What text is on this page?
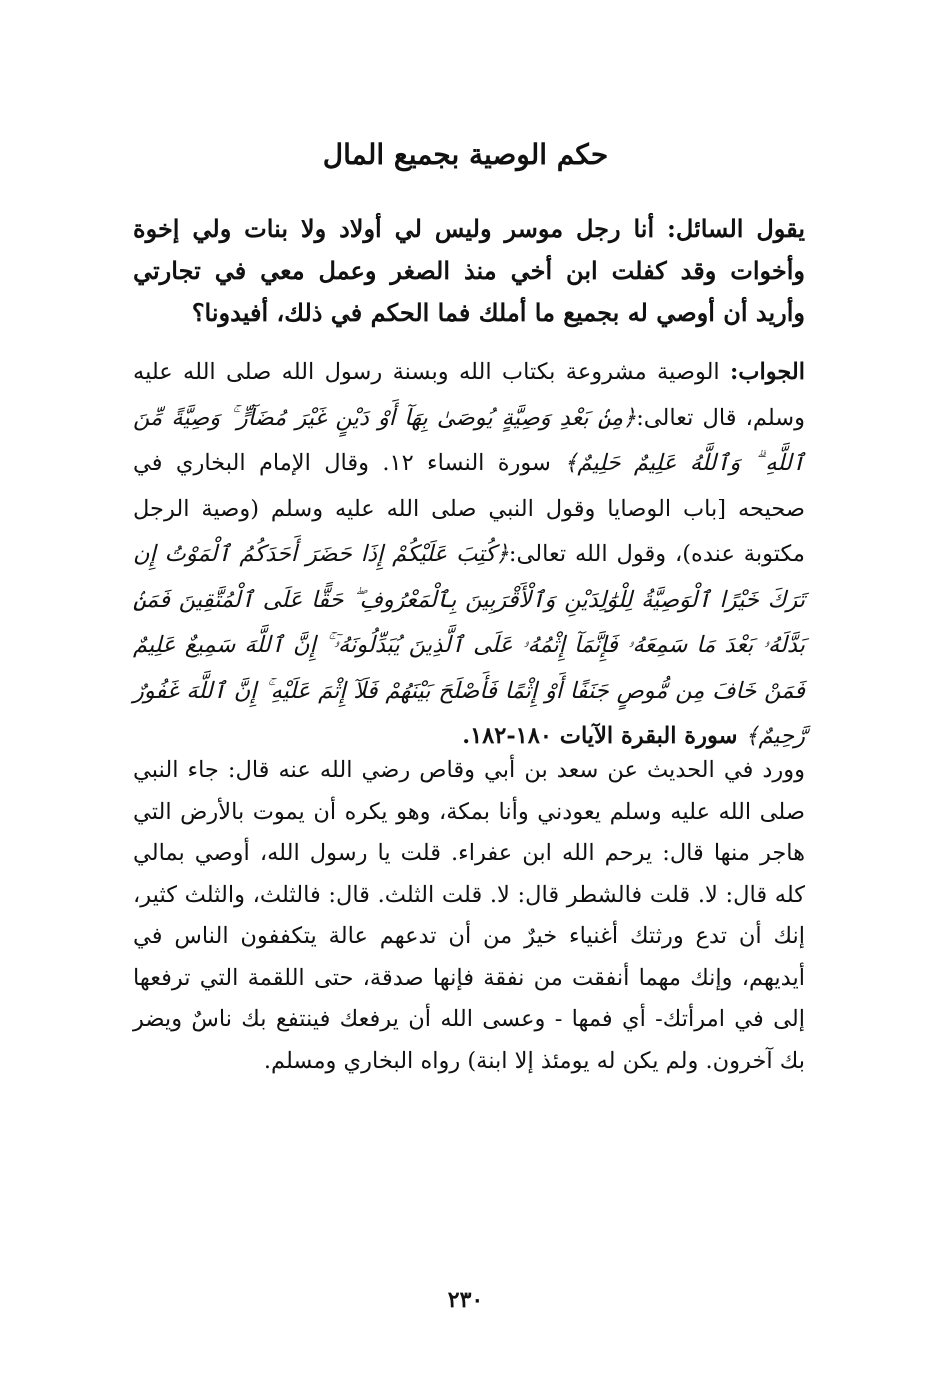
حكم الوصية بجميع المال

يقول السائل: أنا رجل موسر وليس لي أولاد ولا بنات ولي إخوة وأخوات وقد كفلت ابن أخي منذ الصغر وعمل معي في تجارتي وأريد أن أوصي له بجميع ما أملك فما الحكم في ذلك، أفيدونا؟

الجواب: الوصية مشروعة بكتاب الله وبسنة رسول الله صلى الله عليه وسلم، قال تعالى:﴿مِنۢ بَعْدِ وَصِيَّةٍ يُوصَىٰ بِهَآ أَوْ دَيْنٍ غَيْرَ مُضَآرٍّ ۚ وَصِيَّةً مِّنَ ٱللَّهِ ۗ وَٱللَّهُ عَلِيمٌ حَلِيمٌ﴾ سورة النساء ١٢. وقال الإمام البخاري في صحيحه [باب الوصايا وقول النبي صلى الله عليه وسلم (وصية الرجل مكتوبة عنده)، وقول الله تعالى:﴿كُتِبَ عَلَيْكُمْ إِذَا حَضَرَ أَحَدَكُمُ ٱلْمَوْتُ إِن تَرَكَ خَيْرًا ٱلْوَصِيَّةُ لِلْوَٰلِدَيْنِ وَٱلْأَقْرَبِينَ بِٱلْمَعْرُوفِ ۖ حَقًّا عَلَى ٱلْمُتَّقِينَ فَمَنۢ بَدَّلَهُۥ بَعْدَ مَا سَمِعَهُۥ فَإِنَّمَآ إِثْمُهُۥ عَلَى ٱلَّذِينَ يُبَدِّلُونَهُۥٓ ۚ إِنَّ ٱللَّهَ سَمِيعٌ عَلِيمٌ فَمَنْ خَافَ مِن مُّوصٍ جَنَفًا أَوْ إِثْمًا فَأَصْلَحَ بَيْنَهُمْ فَلَآ إِثْمَ عَلَيْهِ ۚ إِنَّ ٱللَّهَ غَفُورٌ رَّحِيمٌ﴾ سورة البقرة الآيات ١٨٠-١٨٢.

وورد في الحديث عن سعد بن أبي وقاص رضي الله عنه قال: جاء النبي صلى الله عليه وسلم يعودني وأنا بمكة، وهو يكره أن يموت بالأرض التي هاجر منها قال: يرحم الله ابن عفراء. قلت يا رسول الله، أوصي بمالي كله قال: لا. قلت فالشطر قال: لا. قلت الثلث. قال: فالثلث، والثلث كثير، إنك أن تدع ورثتك أغنياء خيرٌ من أن تدعهم عالة يتكففون الناس في أيديهم، وإنك مهما أنفقت من نفقة فإنها صدقة، حتى اللقمة التي ترفعها إلى في امرأتك- أي فمها - وعسى الله أن يرفعك فينتفع بك ناسٌ ويضر بك آخرون. ولم يكن له يومئذ إلا ابنة) رواه البخاري ومسلم.

٢٣٠
